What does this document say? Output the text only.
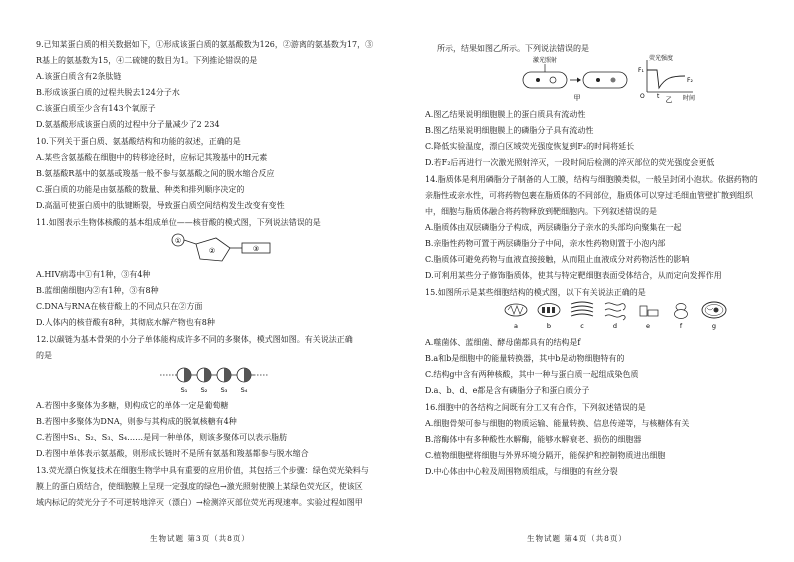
9.已知某蛋白质的相关数据如下，①形成该蛋白质的氨基酸数为126，②游离的氨基数为17，③

R基上的氨基数为15，④二硫键的数目为1。下列推论错误的是

A.该蛋白质含有2条肽链

B.形成该蛋白质的过程共脱去124分子水

C.该蛋白质至少含有143个氧原子

D.氨基酸形成该蛋白质的过程中分子量减少了2 234

10.下列关于蛋白质、氨基酸结构和功能的叙述，正确的是

A.某些含氨基酸在细胞中的转移途径时，应标记其羧基中的H元素

B.氨基酸R基中的氨基或羧基一般不参与氨基酸之间的脱水缩合反应

C.蛋白质的功能是由氨基酸的数量、种类和排列顺序决定的

D.高温可使蛋白质中的肽键断裂，导致蛋白质空间结构发生改变有变性

11.如图表示生物体核酸的基本组成单位——核苷酸的模式图，下列说法错误的是

①
②	③

A.HIV病毒中①有1种，③有4种

B.蓝细菌细胞内②有1种，③有8种

C.DNA与RNA在核苷酸上的不同点只在②方面

D.人体内的核苷酸有8种，其彻底水解产物也有8种

12.以碳链为基本骨架的小分子单体能构成许多不同的多聚体，模式图如图。有关说法正确

的是

S₁ S₂ S₃ S₄

A.若图中多聚体为多糖，则构成它的单体一定是葡萄糖

B.若图中多聚体为DNA，则参与其构成的脱氧核糖有4种

C.若图中S₁、S₂、S₃、S₄……是同一种单体，则该多聚体可以表示脂肪

D.若图中单体表示氨基酸，则形成长链时不是所有氨基和羧基都参与脱水缩合

13.荧光漂白恢复技术在细胞生物学中具有重要的应用价值，其包括三个步骤：绿色荧光染料与

膜上的蛋白质结合，使细胞膜上呈现一定强度的绿色→激光照射使膜上某绿色荧光区，使该区

域内标记的荧光分子不可逆转地淬灭（漂白）→检测淬灭部位荧光再现速率。实验过程如图甲

生物试题 第3页（共8页）

所示，结果如图乙所示。下列说法错误的是

激光照射
甲
荧光强度
F₁
F₂
O t 乙 时间

A.图乙结果说明细胞膜上的蛋白质具有流动性

B.图乙结果说明细胞膜上的磷脂分子具有流动性

C.降低实验温度，漂白区域荧光强度恢复到F₂的时间将延长

D.若F₂后再进行一次激光照射淬灭，一段时间后检测的淬灭部位的荧光强度会更低

14.脂质体是利用磷脂分子制备的人工膜，结构与细胞膜类似，一般呈封闭小泡状。依据药物的

亲脂性或亲水性，可将药物包裹在脂质体的不同部位，脂质体可以穿过毛细血管壁扩散到组织

中，细胞与脂质体融合将药物释放到靶细胞内。下列叙述错误的是

A.脂质体由双层磷脂分子构成，两层磷脂分子亲水的头部均向聚集在一起

B.亲脂性药物可置于两层磷脂分子中间，亲水性药物则置于小泡内部

C.脂质体可避免药物与血液直接接触，从而阻止血液成分对药物活性的影响

D.可利用某些分子修饰脂质体，使其与特定靶细胞表面受体结合，从而定向发挥作用

15.如图所示是某些细胞结构的模式图，以下有关说法正确的是

a	b	c	d	e	f	g

A.噬菌体、蓝细菌、酵母菌都具有的结构是f

B.a和b是细胞中的能量转换器，其中b是动物细胞特有的

C.结构g中含有两种核酸，其中一种与蛋白质一起组成染色质

D.a、b、d、e都是含有磷脂分子和蛋白质分子

16.细胞中的各结构之间既有分工又有合作，下列叙述错误的是

A.细胞骨架可参与细胞的物质运输、能量转换、信息传递等，与核糖体有关

B.溶酶体中有多种酸性水解酶，能够水解衰老、损伤的细胞器

C.植物细胞壁将细胞与外界环境分隔开，能保护和控制物质进出细胞

D.中心体由中心粒及周围物质组成，与细胞的有丝分裂

生物试题 第4页（共8页）
